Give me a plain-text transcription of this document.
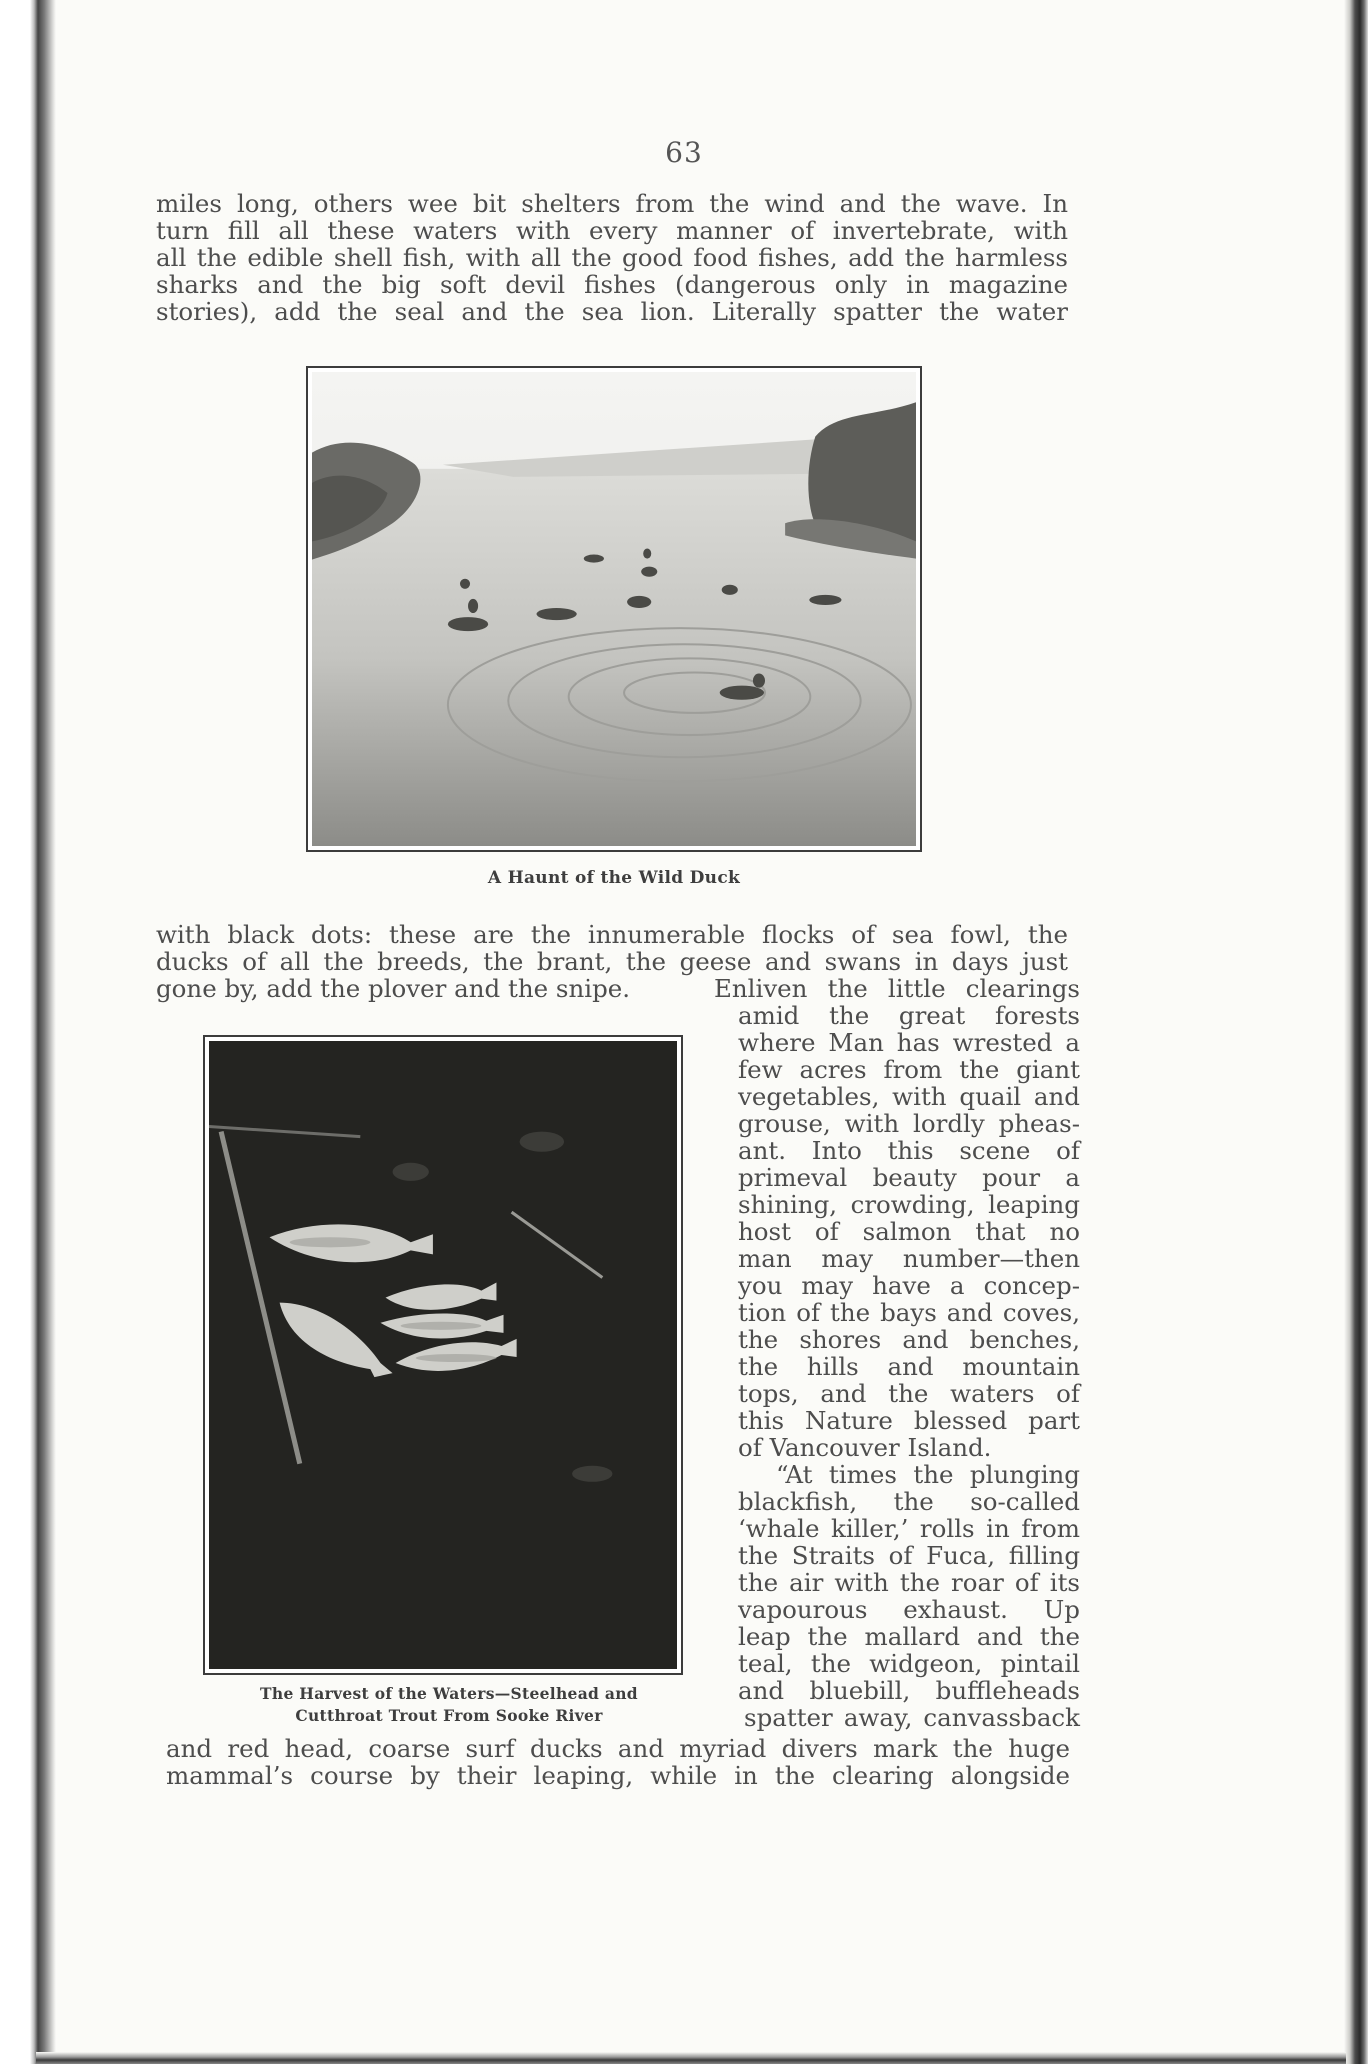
63
miles long, others wee bit shelters from the wind and the wave. In
turn fill all these waters with every manner of invertebrate, with
all the edible shell fish, with all the good food fishes, add the harmless
sharks and the big soft devil fishes (dangerous only in magazine
stories), add the seal and the sea lion. Literally spatter the water
A Haunt of the Wild Duck
with black dots: these are the innumerable flocks of sea fowl, the
ducks of all the breeds, the brant, the geese and swans in days just
gone by, add the plover and the snipe.	Enliven the little clearings
The Harvest of the Waters—Steelhead and
Cutthroat Trout From Sooke River
amid the great forests
where Man has wrested a
few acres from the giant
vegetables, with quail and
grouse, with lordly pheas-
ant. Into this scene of
primeval beauty pour a
shining, crowding, leaping
host of salmon that no
man may number—then
you may have a concep-
tion of the bays and coves,
the shores and benches,
the hills and mountain
tops, and the waters of
this Nature blessed part
of Vancouver Island.
“At times the plunging
blackfish, the so-called
‘whale killer,’ rolls in from
the Straits of Fuca, filling
the air with the roar of its
vapourous exhaust. Up
leap the mallard and the
teal, the widgeon, pintail
and bluebill, buffleheads
spatter away, canvassback
and red head, coarse surf ducks and myriad divers mark the huge
mammal’s course by their leaping, while in the clearing alongside
